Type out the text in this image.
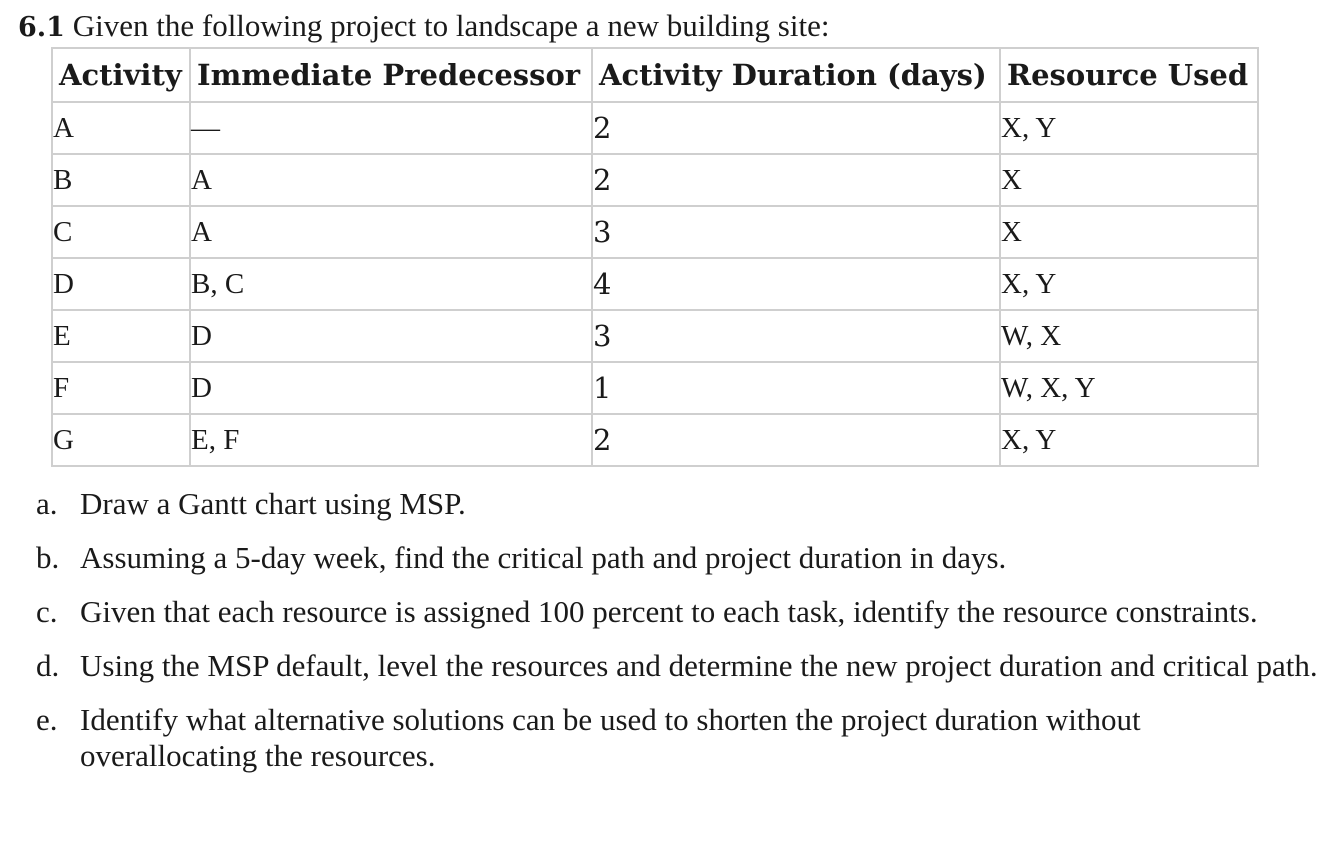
6.1 Given the following project to landscape a new building site:
Activity	Immediate Predecessor	Activity Duration (days)	Resource Used
A	—	2	X, Y
B	A	2	X
C	A	3	X
D	B, C	4	X, Y
E	D	3	W, X
F	D	1	W, X, Y
G	E, F	2	X, Y
a. Draw a Gantt chart using MSP.
b. Assuming a 5-day week, find the critical path and project duration in days.
c. Given that each resource is assigned 100 percent to each task, identify the resource constraints.
d. Using the MSP default, level the resources and determine the new project duration and critical path.
e. Identify what alternative solutions can be used to shorten the project duration without overallocating the resources.
